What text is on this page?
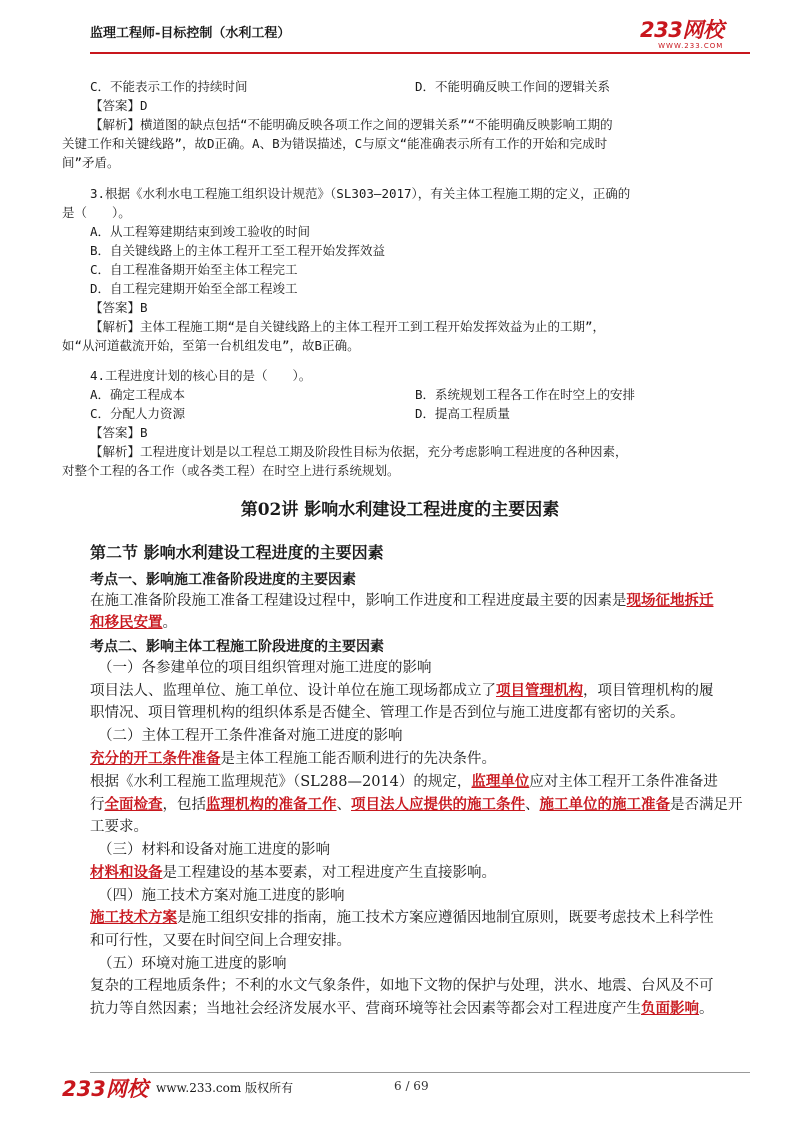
监理工程师-目标控制（水利工程）	233网校
WWW.233.COM
C．不能表示工作的持续时间	D．不能明确反映工作间的逻辑关系
【答案】D
【解析】横道图的缺点包括“不能明确反映各项工作之间的逻辑关系”“不能明确反映影响工期的
关键工作和关键线路”，故D正确。A、B为错误描述，C与原文“能准确表示所有工作的开始和完成时
间”矛盾。
3.根据《水利水电工程施工组织设计规范》（SL303—2017），有关主体工程施工期的定义，正确的
是（　　）。
A．从工程筹建期结束到竣工验收的时间
B．自关键线路上的主体工程开工至工程开始发挥效益
C．自工程准备期开始至主体工程完工
D．自工程完建期开始至全部工程竣工
【答案】B
【解析】主体工程施工期“是自关键线路上的主体工程开工到工程开始发挥效益为止的工期”，
如“从河道截流开始，至第一台机组发电”，故B正确。
4.工程进度计划的核心目的是（　　）。
A．确定工程成本	B．系统规划工程各工作在时空上的安排
C．分配人力资源	D．提高工程质量
【答案】B
【解析】工程进度计划是以工程总工期及阶段性目标为依据，充分考虑影响工程进度的各种因素，
对整个工程的各工作（或各类工程）在时空上进行系统规划。
第02讲 影响水利建设工程进度的主要因素
第二节 影响水利建设工程进度的主要因素
考点一、影响施工准备阶段进度的主要因素
在施工准备阶段施工准备工程建设过程中，影响工作进度和工程进度最主要的因素是现场征地拆迁
和移民安置。
考点二、影响主体工程施工阶段进度的主要因素
（一）各参建单位的项目组织管理对施工进度的影响
项目法人、监理单位、施工单位、设计单位在施工现场都成立了项目管理机构，项目管理机构的履
职情况、项目管理机构的组织体系是否健全、管理工作是否到位与施工进度都有密切的关系。
（二）主体工程开工条件准备对施工进度的影响
充分的开工条件准备是主体工程施工能否顺利进行的先决条件。
根据《水利工程施工监理规范》（SL288—2014）的规定，监理单位应对主体工程开工条件准备进
行全面检查，包括监理机构的准备工作、项目法人应提供的施工条件、施工单位的施工准备是否满足开
工要求。
（三）材料和设备对施工进度的影响
材料和设备是工程建设的基本要素，对工程进度产生直接影响。
（四）施工技术方案对施工进度的影响
施工技术方案是施工组织安排的指南，施工技术方案应遵循因地制宜原则，既要考虑技术上科学性
和可行性，又要在时间空间上合理安排。
（五）环境对施工进度的影响
复杂的工程地质条件；不利的水文气象条件，如地下文物的保护与处理，洪水、地震、台风及不可
抗力等自然因素；当地社会经济发展水平、营商环境等社会因素等都会对工程进度产生负面影响。
233网校 www.233.com 版权所有	6 / 69
